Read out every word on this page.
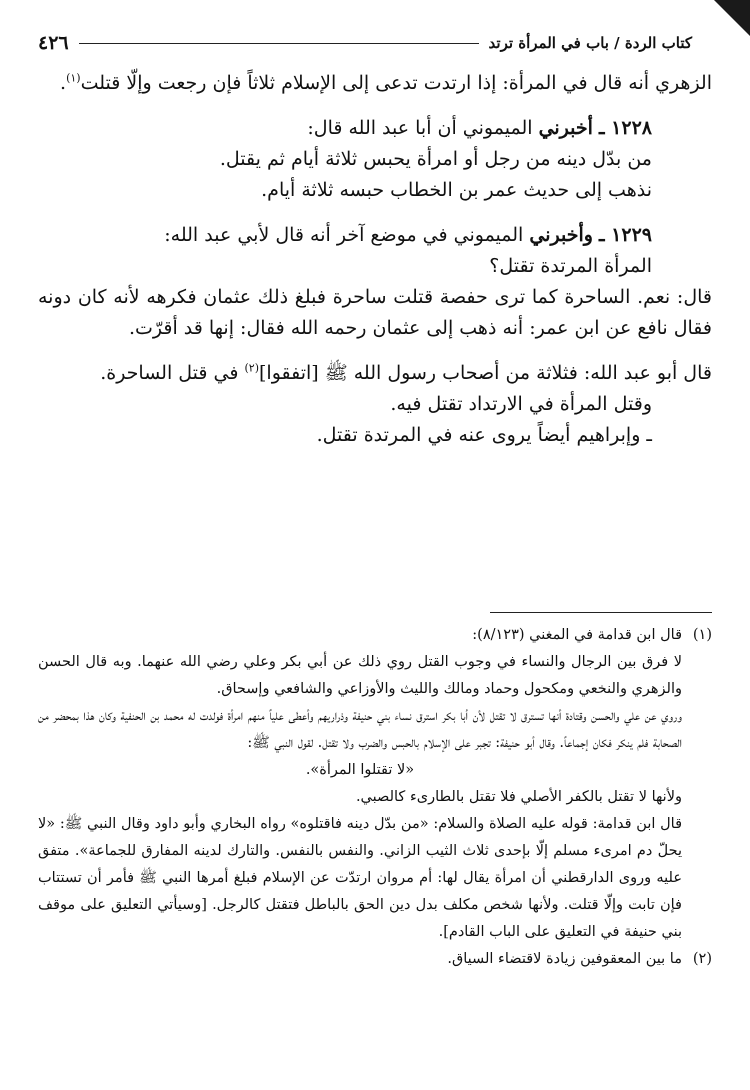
كتاب الردة / باب في المرأة ترتد
٤٢٦

الزهري أنه قال في المرأة: إذا ارتدت تدعى إلى الإسلام ثلاثاً فإن رجعت وإلّا قتلت$^{(١)}$.

١٢٢٨ ـ أخبرني الميموني أن أبا عبد الله قال:

من بدّل دينه من رجل أو امرأة يحبس ثلاثة أيام ثم يقتل.

نذهب إلى حديث عمر بن الخطاب حبسه ثلاثة أيام.

١٢٢٩ ـ وأخبرني الميموني في موضع آخر أنه قال لأبي عبد الله:

المرأة المرتدة تقتل؟

قال: نعم. الساحرة كما ترى حفصة قتلت ساحرة فبلغ ذلك عثمان فكرهه لأنه كان دونه فقال نافع عن ابن عمر: أنه ذهب إلى عثمان رحمه الله فقال: إنها قد أقرّت.

قال أبو عبد الله: فثلاثة من أصحاب رسول الله ﷺ [اتفقوا]$^{(٢)}$ في قتل الساحرة.

وقتل المرأة في الارتداد تقتل فيه.

ـ وإبراهيم أيضاً يروى عنه في المرتدة تقتل.

(١)

قال ابن قدامة في المغني (٨/١٢٣):

لا فرق بين الرجال والنساء في وجوب القتل روي ذلك عن أبي بكر وعلي رضي الله عنهما. وبه قال الحسن والزهري والنخعي ومكحول وحماد ومالك والليث والأوزاعي والشافعي وإسحاق.

وروي عن علي والحسن وقتادة أنها تسترق لا تقتل لأن أبا بكر استرق نساء بني حنيفة وذراريهم وأعطى علياً منهم امرأة فولدت له محمد بن الحنفية وكان هذا بمحضر من الصحابة فلم ينكر فكان إجماعاً. وقال أبو حنيفة: تجبر على الإسلام بالحبس والضرب ولا تقتل. لقول النبي ﷺ:

«لا تقتلوا المرأة».

ولأنها لا تقتل بالكفر الأصلي فلا تقتل بالطارىء كالصبي.

قال ابن قدامة: قوله عليه الصلاة والسلام: «من بدّل دينه فاقتلوه» رواه البخاري وأبو داود وقال النبي ﷺ: «لا يحلّ دم امرىء مسلم إلّا بإحدى ثلاث الثيب الزاني. والنفس بالنفس. والتارك لدينه المفارق للجماعة». متفق عليه وروى الدارقطني أن امرأة يقال لها: أم مروان ارتدّت عن الإسلام فبلغ أمرها النبي ﷺ فأمر أن تستتاب فإن تابت وإلّا قتلت. ولأنها شخص مكلف بدل دين الحق بالباطل فتقتل كالرجل. [وسيأتي التعليق على موقف بني حنيفة في التعليق على الباب القادم].

(٢)

ما بين المعقوفين زيادة لاقتضاء السياق.
